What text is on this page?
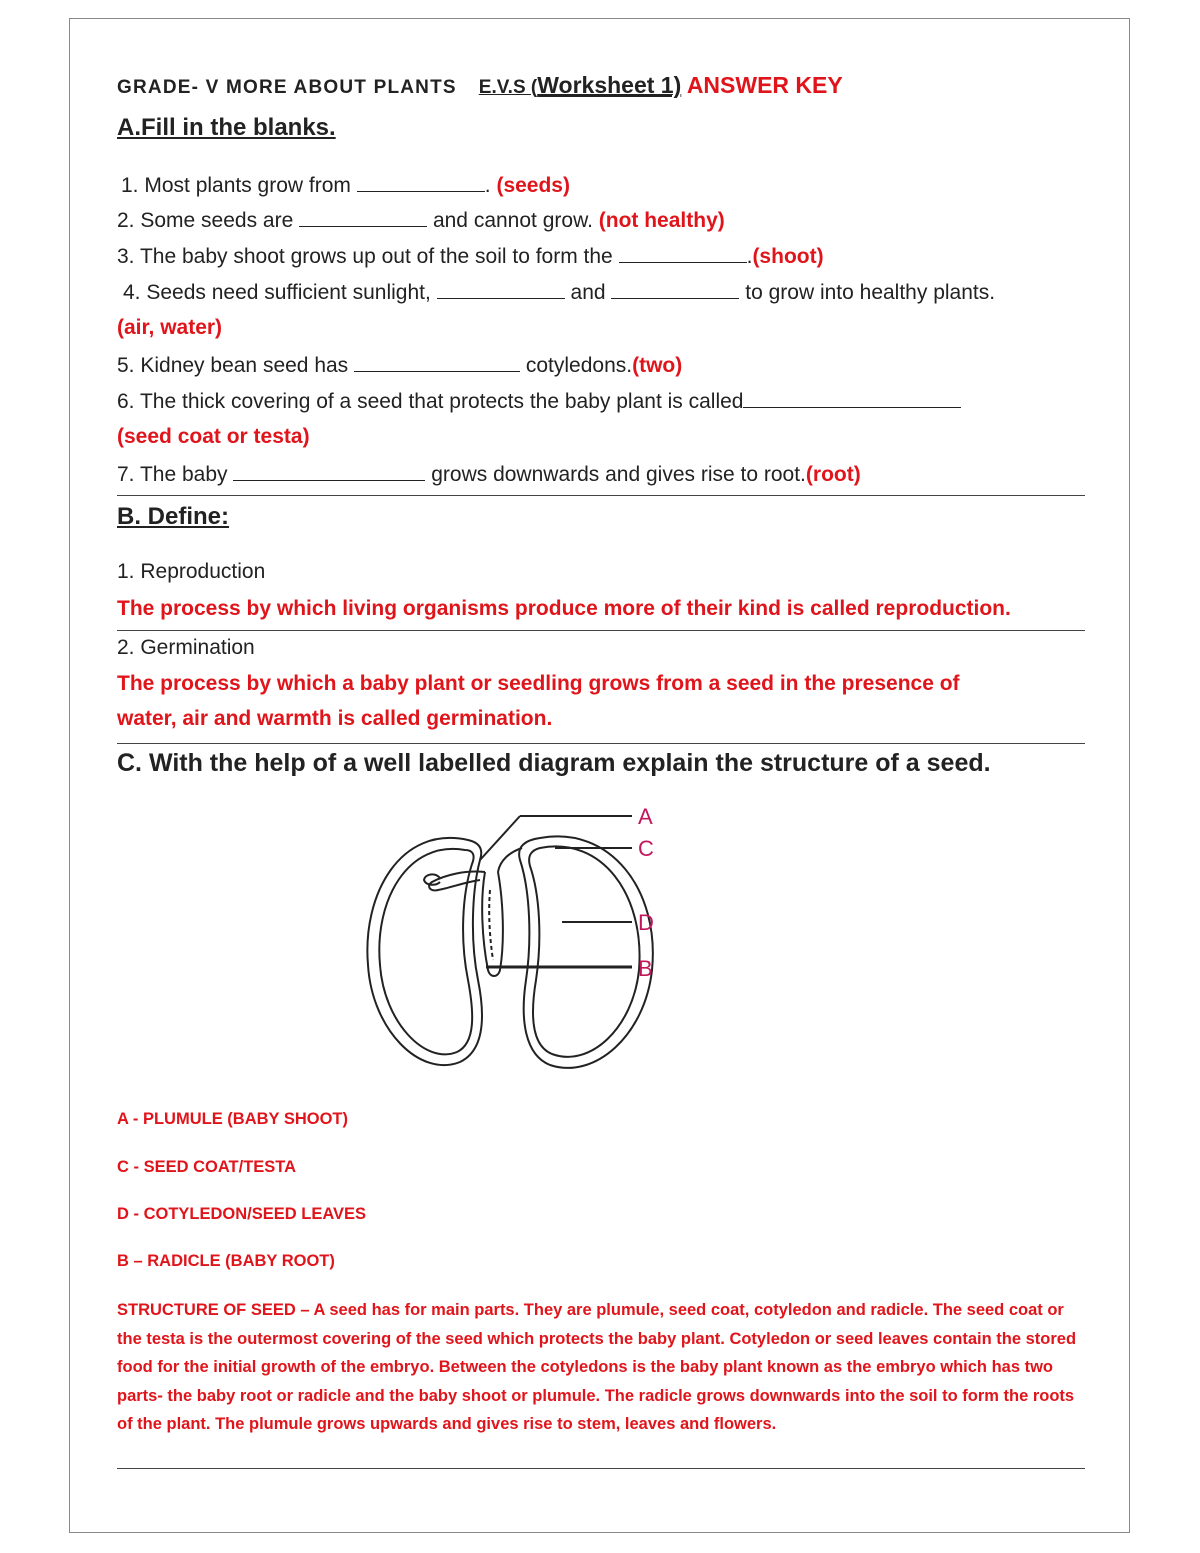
GRADE- V MORE ABOUT PLANTS E.V.S (Worksheet 1) ANSWER KEY
A.Fill in the blanks.
1. Most plants grow from	. (seeds)
2. Some seeds are	and cannot grow. (not healthy)
3. The baby shoot grows up out of the soil to form the	.(shoot)
4. Seeds need sufficient sunlight,	and	to grow into healthy plants.
(air, water)
5. Kidney bean seed has	cotyledons.(two)
6. The thick covering of a seed that protects the baby plant is called
(seed coat or testa)
7. The baby	grows downwards and gives rise to root.(root)
B. Define:
1. Reproduction
The process by which living organisms produce more of their kind is called reproduction.
2. Germination
The process by which a baby plant or seedling grows from a seed in the presence of
water, air and warmth is called germination.
C. With the help of a well labelled diagram explain the structure of a seed.
A
C
D
B
A - PLUMULE (BABY SHOOT)
C - SEED COAT/TESTA
D - COTYLEDON/SEED LEAVES
B – RADICLE (BABY ROOT)
STRUCTURE OF SEED – A seed has for main parts. They are plumule, seed coat, cotyledon and radicle. The seed coat or the testa is the outermost covering of the seed which protects the baby plant. Cotyledon or seed leaves contain the stored food for the initial growth of the embryo. Between the cotyledons is the baby plant known as the embryo which has two parts- the baby root or radicle and the baby shoot or plumule. The radicle grows downwards into the soil to form the roots of the plant. The plumule grows upwards and gives rise to stem, leaves and flowers.
